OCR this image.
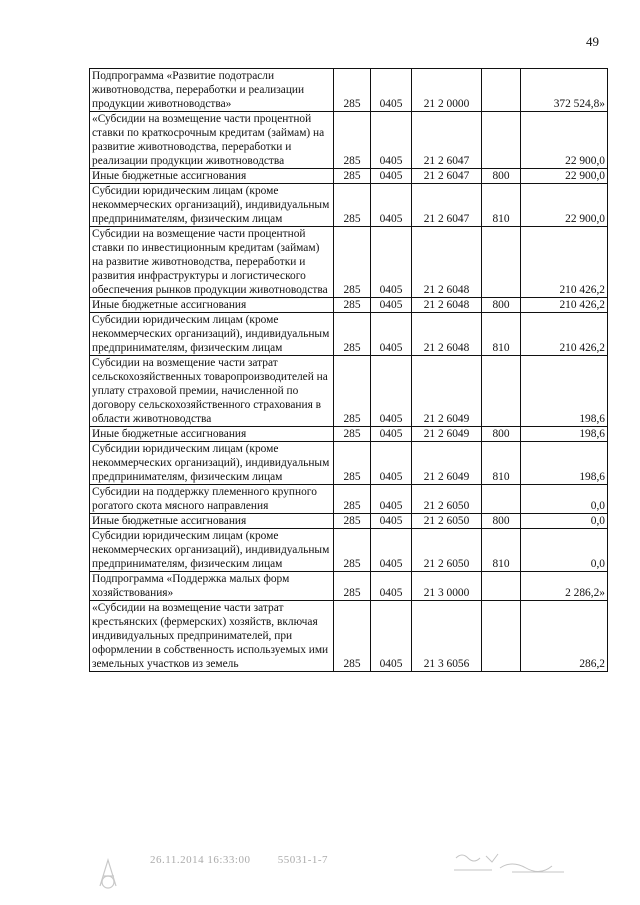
49
Подпрограмма «Развитие подотрасли животноводства, переработки и реализации продукции животноводства»	285	0405	21 2 0000		372 524,8»
«Субсидии на возмещение части процентной ставки по краткосрочным кредитам (займам) на развитие животноводства, переработки и реализации продукции животноводства	285	0405	21 2 6047		22 900,0
Иные бюджетные ассигнования	285	0405	21 2 6047	800	22 900,0
Субсидии юридическим лицам (кроме некоммерческих организаций), индивидуальным предпринимателям, физическим лицам	285	0405	21 2 6047	810	22 900,0
Субсидии на возмещение части процентной ставки по инвестиционным кредитам (займам) на развитие животноводства, переработки и развития инфраструктуры и логистического обеспечения рынков продукции животноводства	285	0405	21 2 6048		210 426,2
Иные бюджетные ассигнования	285	0405	21 2 6048	800	210 426,2
Субсидии юридическим лицам (кроме некоммерческих организаций), индивидуальным предпринимателям, физическим лицам	285	0405	21 2 6048	810	210 426,2
Субсидии на возмещение части затрат сельскохозяйственных товаропроизводителей на уплату страховой премии, начисленной по договору сельскохозяйственного страхования в области животноводства	285	0405	21 2 6049		198,6
Иные бюджетные ассигнования	285	0405	21 2 6049	800	198,6
Субсидии юридическим лицам (кроме некоммерческих организаций), индивидуальным предпринимателям, физическим лицам	285	0405	21 2 6049	810	198,6
Субсидии на поддержку племенного крупного рогатого скота мясного направления	285	0405	21 2 6050		0,0
Иные бюджетные ассигнования	285	0405	21 2 6050	800	0,0
Субсидии юридическим лицам (кроме некоммерческих организаций), индивидуальным предпринимателям, физическим лицам	285	0405	21 2 6050	810	0,0
Подпрограмма «Поддержка малых форм хозяйствования»	285	0405	21 3 0000		2 286,2»
«Субсидии на возмещение части затрат крестьянских (фермерских) хозяйств, включая индивидуальных предпринимателей, при оформлении в собственность используемых ими земельных участков из земель	285	0405	21 3 6056		286,2
26.11.2014 16:33:00 55031-1-7
